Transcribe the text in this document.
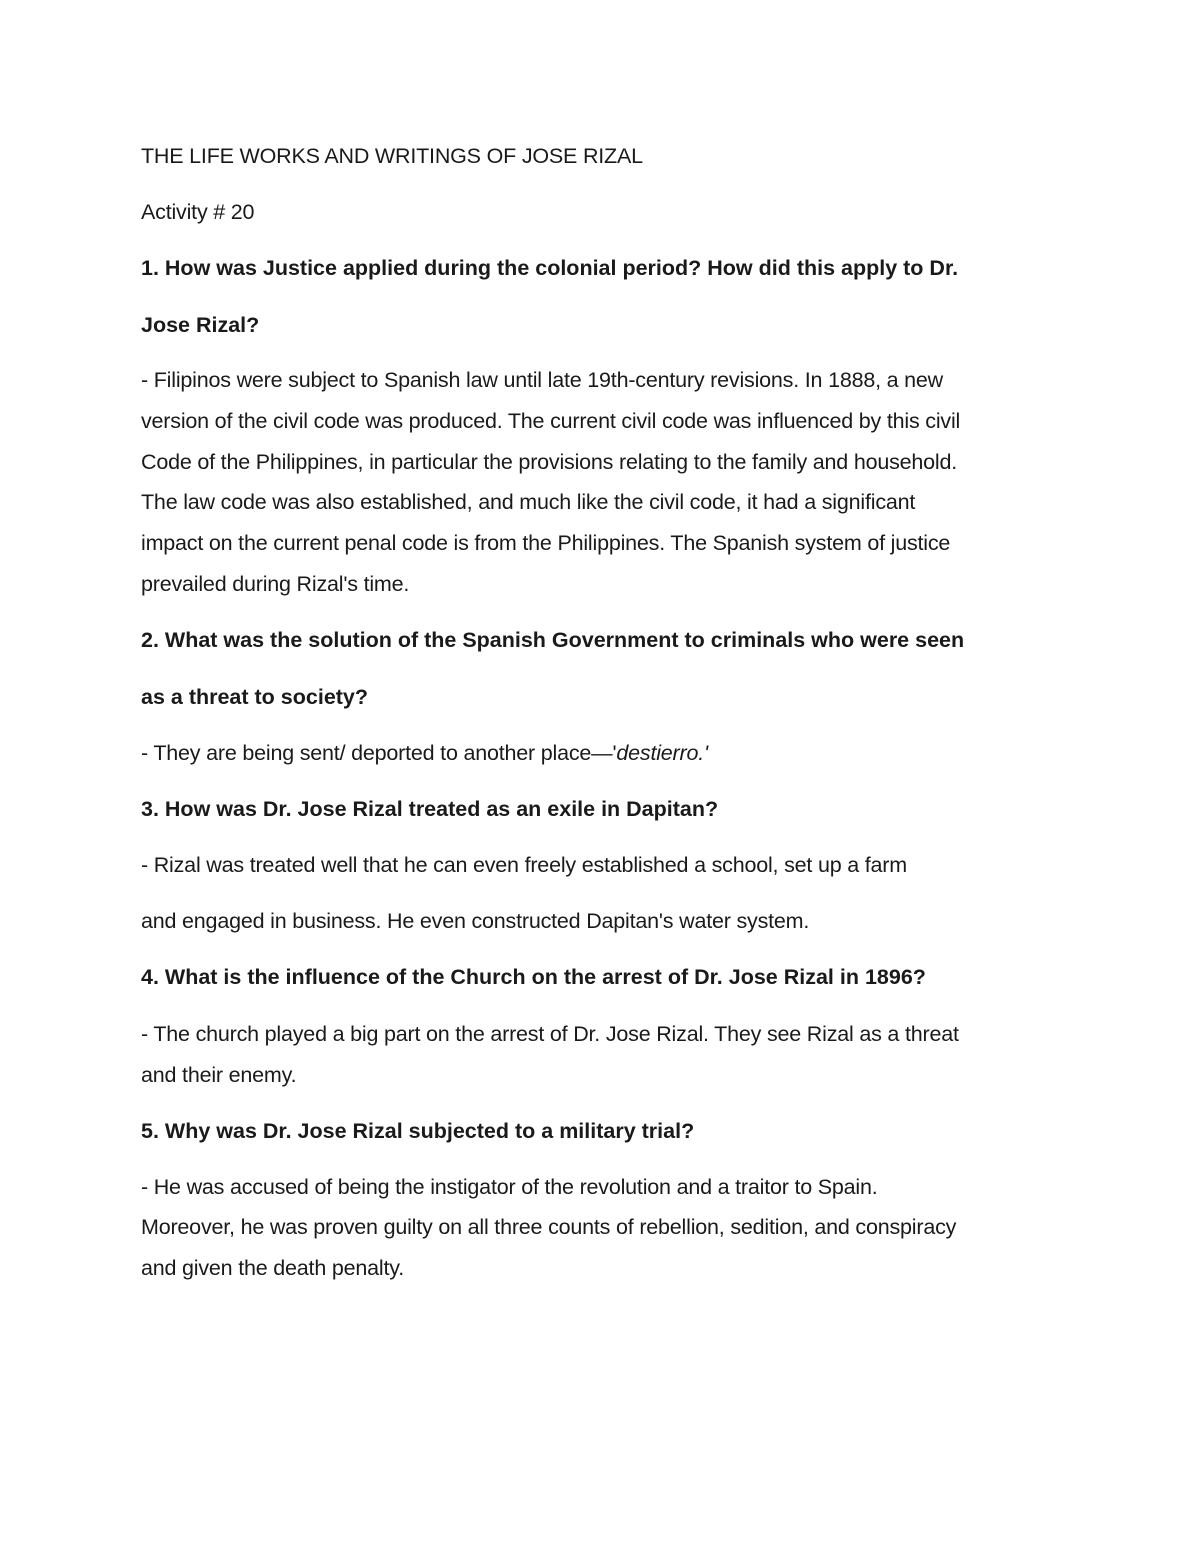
THE LIFE WORKS AND WRITINGS OF JOSE RIZAL
Activity # 20
1. How was Justice applied during the colonial period? How did this apply to Dr.
Jose Rizal?
- Filipinos were subject to Spanish law until late 19th-century revisions. In 1888, a new
version of the civil code was produced. The current civil code was influenced by this civil
Code of the Philippines, in particular the provisions relating to the family and household.
The law code was also established, and much like the civil code, it had a significant
impact on the current penal code is from the Philippines. The Spanish system of justice
prevailed during Rizal's time.
2. What was the solution of the Spanish Government to criminals who were seen
as a threat to society?
- They are being sent/ deported to another place—'destierro.'
3. How was Dr. Jose Rizal treated as an exile in Dapitan?
- Rizal was treated well that he can even freely established a school, set up a farm
and engaged in business. He even constructed Dapitan's water system.
4. What is the influence of the Church on the arrest of Dr. Jose Rizal in 1896?
- The church played a big part on the arrest of Dr. Jose Rizal. They see Rizal as a threat
and their enemy.
5. Why was Dr. Jose Rizal subjected to a military trial?
- He was accused of being the instigator of the revolution and a traitor to Spain.
Moreover, he was proven guilty on all three counts of rebellion, sedition, and conspiracy
and given the death penalty.
